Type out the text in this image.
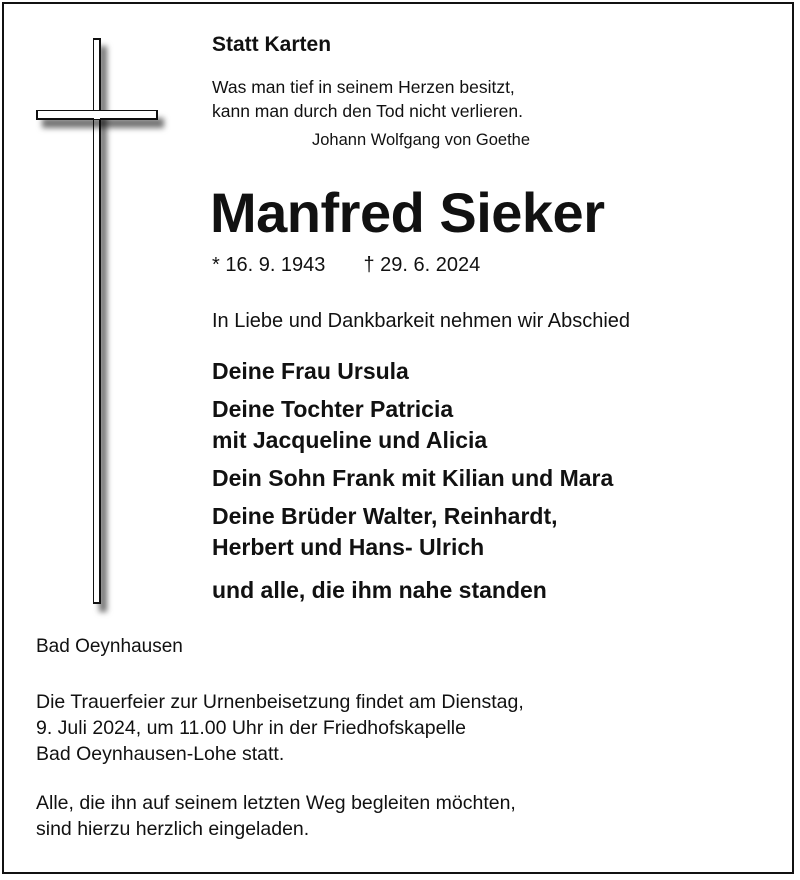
Statt Karten
Was man tief in seinem Herzen besitzt,
kann man durch den Tod nicht verlieren.
Johann Wolfgang von Goethe
Manfred Sieker
* 16. 9. 1943 † 29. 6. 2024
In Liebe und Dankbarkeit nehmen wir Abschied
Deine Frau Ursula
Deine Tochter Patricia
mit Jacqueline und Alicia
Dein Sohn Frank mit Kilian und Mara
Deine Brüder Walter, Reinhardt,
Herbert und Hans- Ulrich
und alle, die ihm nahe standen
Bad Oeynhausen
Die Trauerfeier zur Urnenbeisetzung findet am Dienstag,
9. Juli 2024, um 11.00 Uhr in der Friedhofskapelle
Bad Oeynhausen-Lohe statt.
Alle, die ihn auf seinem letzten Weg begleiten möchten,
sind hierzu herzlich eingeladen.
